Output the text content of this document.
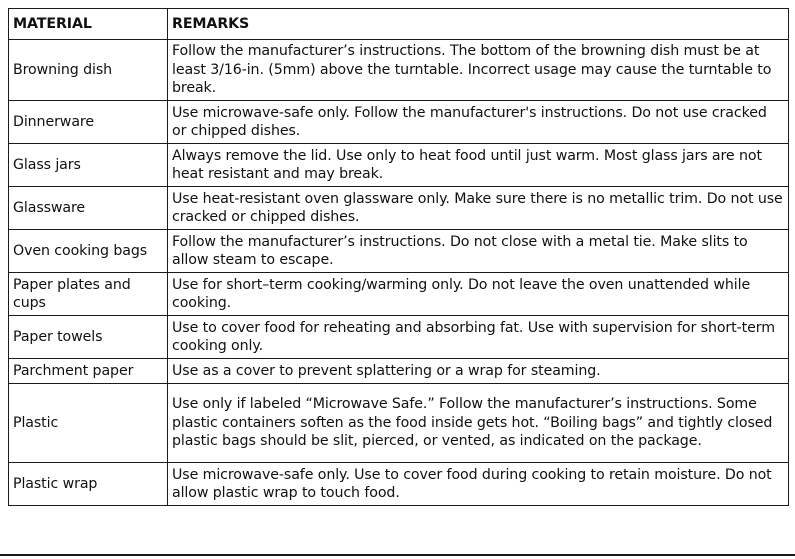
MATERIAL	REMARKS
Browning dish	Follow the manufacturer’s instructions. The bottom of the browning dish must be at least 3/16-in. (5mm) above the turntable. Incorrect usage may cause the turntable to break.
Dinnerware	Use microwave-safe only. Follow the manufacturer's instructions. Do not use cracked or chipped dishes.
Glass jars	Always remove the lid. Use only to heat food until just warm. Most glass jars are not heat resistant and may break.
Glassware	Use heat-resistant oven glassware only. Make sure there is no metallic trim. Do not use cracked or chipped dishes.
Oven cooking bags	Follow the manufacturer’s instructions. Do not close with a metal tie. Make slits to allow steam to escape.
Paper plates and cups	Use for short–term cooking/warming only. Do not leave the oven unattended while cooking.
Paper towels	Use to cover food for reheating and absorbing fat. Use with supervision for short-term cooking only.
Parchment paper	Use as a cover to prevent splattering or a wrap for steaming.
Plastic	Use only if labeled “Microwave Safe.” Follow the manufacturer’s instructions. Some plastic containers soften as the food inside gets hot. “Boiling bags” and tightly closed plastic bags should be slit, pierced, or vented, as indicated on the package.
Plastic wrap	Use microwave-safe only. Use to cover food during cooking to retain moisture. Do not allow plastic wrap to touch food.
